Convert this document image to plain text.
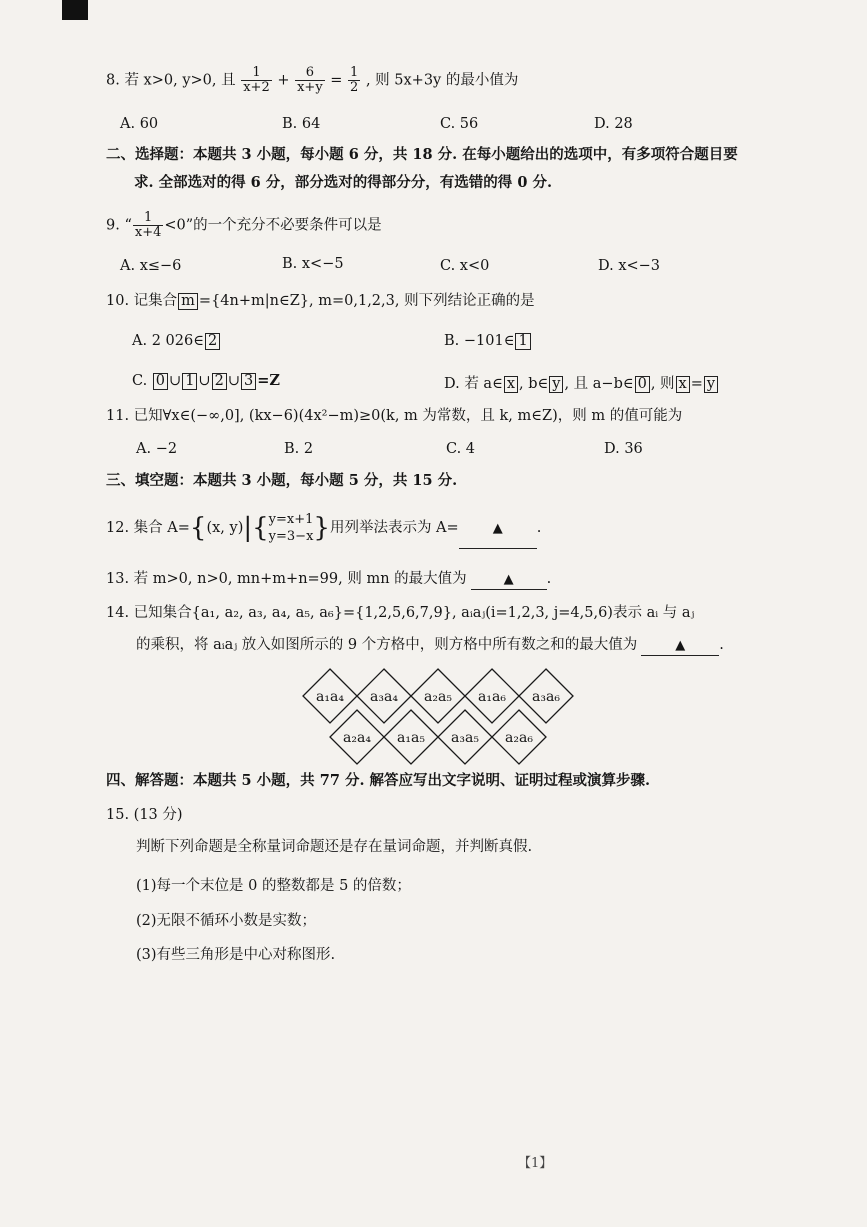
8. 若 x>0, y>0, 且 $\frac{1}{x+2} + \frac{6}{x+y} = \frac{1}{2}$ , 则 5x+3y 的最小值为
A. 60	B. 64	C. 56	D. 28
二、选择题：本题共 3 小题，每小题 6 分，共 18 分. 在每小题给出的选项中，有多项符合题目要
求. 全部选对的得 6 分，部分选对的得部分分，有选错的得 0 分.
9. “ $\frac{1}{x+4} <0$”的一个充分不必要条件可以是
A. x≤−6	B. x<−5	C. x<0	D. x<−3
10. 记集合 m ={4n+m|n∈Z}, m=0,1,2,3, 则下列结论正确的是
A. 2 026∈ 2	B. −101∈ 1
C. 0 ∪ 1 ∪ 2 ∪ 3 =Z	D. 若 a∈ x , b∈ y , 且 a−b∈ 0 , 则 x = y
11. 已知∀x∈(−∞,0], (kx−6)(4x²−m)≥0(k, m 为常数，且 k, m∈Z)，则 m 的值可能为
A. −2	B. 2	C. 4	D. 36
三、填空题：本题共 3 小题，每小题 5 分，共 15 分.
12. 集合 A={(x, y)|{ y=x+1
y=3−x }用列举法表示为 A=	▲ .
13. 若 m>0, n>0, mn+m+n=99, 则 mn 的最大值为	▲ .
14. 已知集合{a₁, a₂, a₃, a₄, a₅, a₆}={1,2,5,6,7,9}, aᵢaⱼ(i=1,2,3, j=4,5,6)表示 aᵢ 与 aⱼ
的乘积，将 aᵢaⱼ 放入如图所示的 9 个方格中，则方格中所有数之和的最大值为	▲ .
a₁a₄ a₃a₄ a₂a₅ a₁a₆ a₃a₆
a₂a₄ a₁a₅ a₃a₅ a₂a₆
四、解答题：本题共 5 小题，共 77 分. 解答应写出文字说明、证明过程或演算步骤.
15. (13 分)
判断下列命题是全称量词命题还是存在量词命题，并判断真假.
(1)每一个末位是 0 的整数都是 5 的倍数；
(2)无限不循环小数是实数；
(3)有些三角形是中心对称图形.
【1】
